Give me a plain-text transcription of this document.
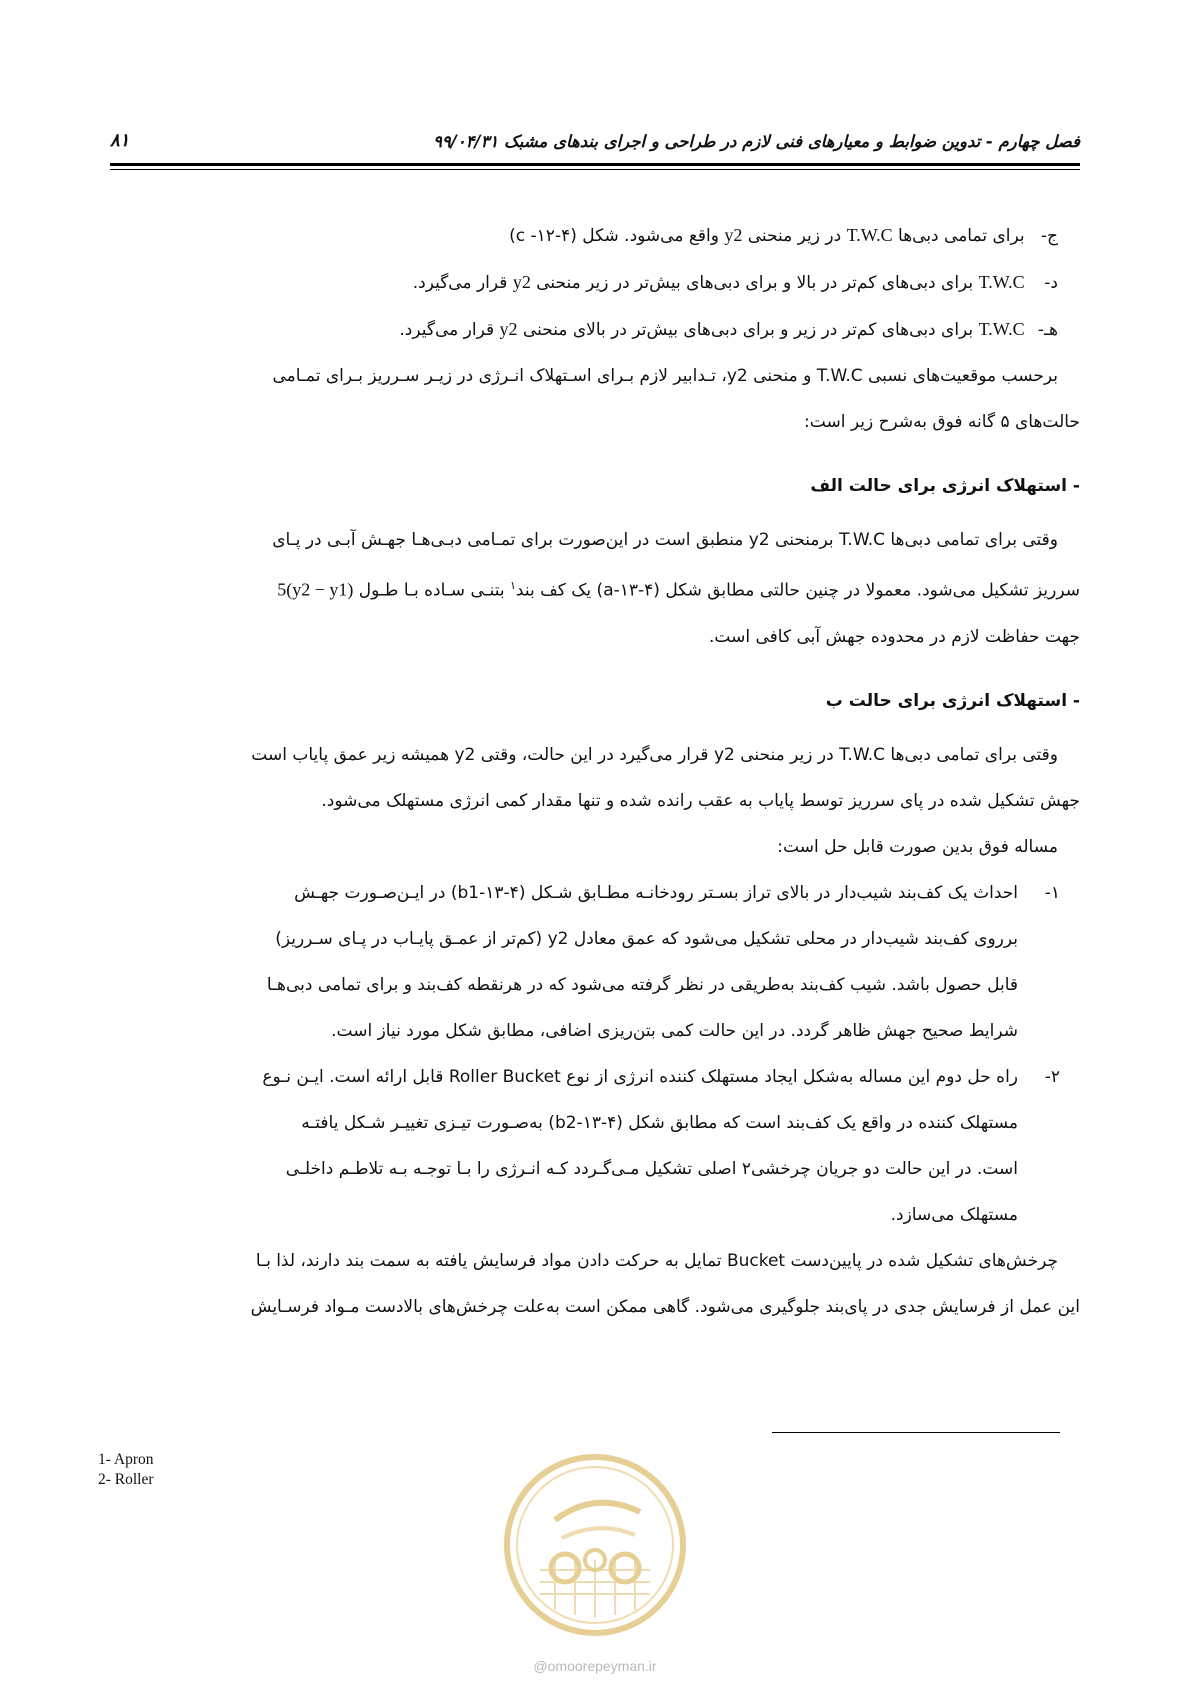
فصل چهارم - تدوین ضوابط و معیارهای فنی لازم در طراحی و اجرای بندهای مشبک ۹۹/۰۴/۳۱
۸۱
ج- برای تمامی دبی‌ها T.W.C در زیر منحنی y2 واقع می‌شود. شکل (۴-۱۲- c)
د- T.W.C برای دبی‌های کم‌تر در بالا و برای دبی‌های بیش‌تر در زیر منحنی y2 قرار می‌گیرد.
هـ- T.W.C برای دبی‌های کم‌تر در زیر و برای دبی‌های بیش‌تر در بالای منحنی y2 قرار می‌گیرد.
برحسب موقعیت‌های نسبی T.W.C و منحنی y2، تـدابیر لازم بـرای اسـتهلاک انـرژی در زیـر سـرریز بـرای تمـامی
حالت‌های ۵ گانه فوق به‌شرح زیر است:
- استهلاک انرژی برای حالت الف
وقتی برای تمامی دبی‌ها T.W.C برمنحنی y2 منطبق است در این‌صورت برای تمـامی دبـی‌هـا جهـش آبـی در پـای
سرریز تشکیل می‌شود. معمولا در چنین حالتی مطابق شکل (۴-۱۳-a) یک کف بند$^۱$ بتنـی سـاده بـا طـول 5(y2 − y1)
جهت حفاظت لازم در محدوده جهش آبی کافی است.
- استهلاک انرژی برای حالت ب
وقتی برای تمامی دبی‌ها T.W.C در زیر منحنی y2 قرار می‌گیرد در این حالت، وقتی y2 همیشه زیر عمق پایاب است
جهش تشکیل شده در پای سرریز توسط پایاب به عقب رانده شده و تنها مقدار کمی انرژی مستهلک می‌شود.
مساله فوق بدین صورت قابل حل است:
۱-
احداث یک کف‌بند شیب‌دار در بالای تراز بسـتر رودخانـه مطـابق شـکل (۴-۱۳-b1) در ایـن‌صـورت جهـش
برروی کف‌بند شیب‌دار در محلی تشکیل می‌شود که عمق معادل y2 (کم‌تر از عمـق پایـاب در پـای سـرریز)
قابل حصول باشد. شیب کف‌بند به‌طریقی در نظر گرفته می‌شود که در هرنقطه کف‌بند و برای تمامی دبی‌هـا
شرایط صحیح جهش ظاهر گردد. در این حالت کمی بتن‌ریزی اضافی، مطابق شکل مورد نیاز است.
۲-
راه حل دوم این مساله به‌شکل ایجاد مستهلک کننده انرژی از نوع Roller Bucket قابل ارائه است. ایـن نـوع
مستهلک کننده در واقع یک کف‌بند است که مطابق شکل (۴-۱۳-b2) به‌صـورت تیـزی تغییـر شـکل یافتـه
است. در این حالت دو جریان چرخشی۲ اصلی تشکیل مـی‌گـردد کـه انـرژی را بـا توجـه بـه تلاطـم داخلـی
مستهلک می‌سازد.
چرخش‌های تشکیل شده در پایین‌دست Bucket تمایل به حرکت دادن مواد فرسایش یافته به سمت بند دارند، لذا بـا
این عمل از فرسایش جدی در پای‌بند جلوگیری می‌شود. گاهی ممکن است به‌علت چرخش‌های بالادست مـواد فرسـایش
1- Apron
2- Roller
@omoorepeyman.ir
